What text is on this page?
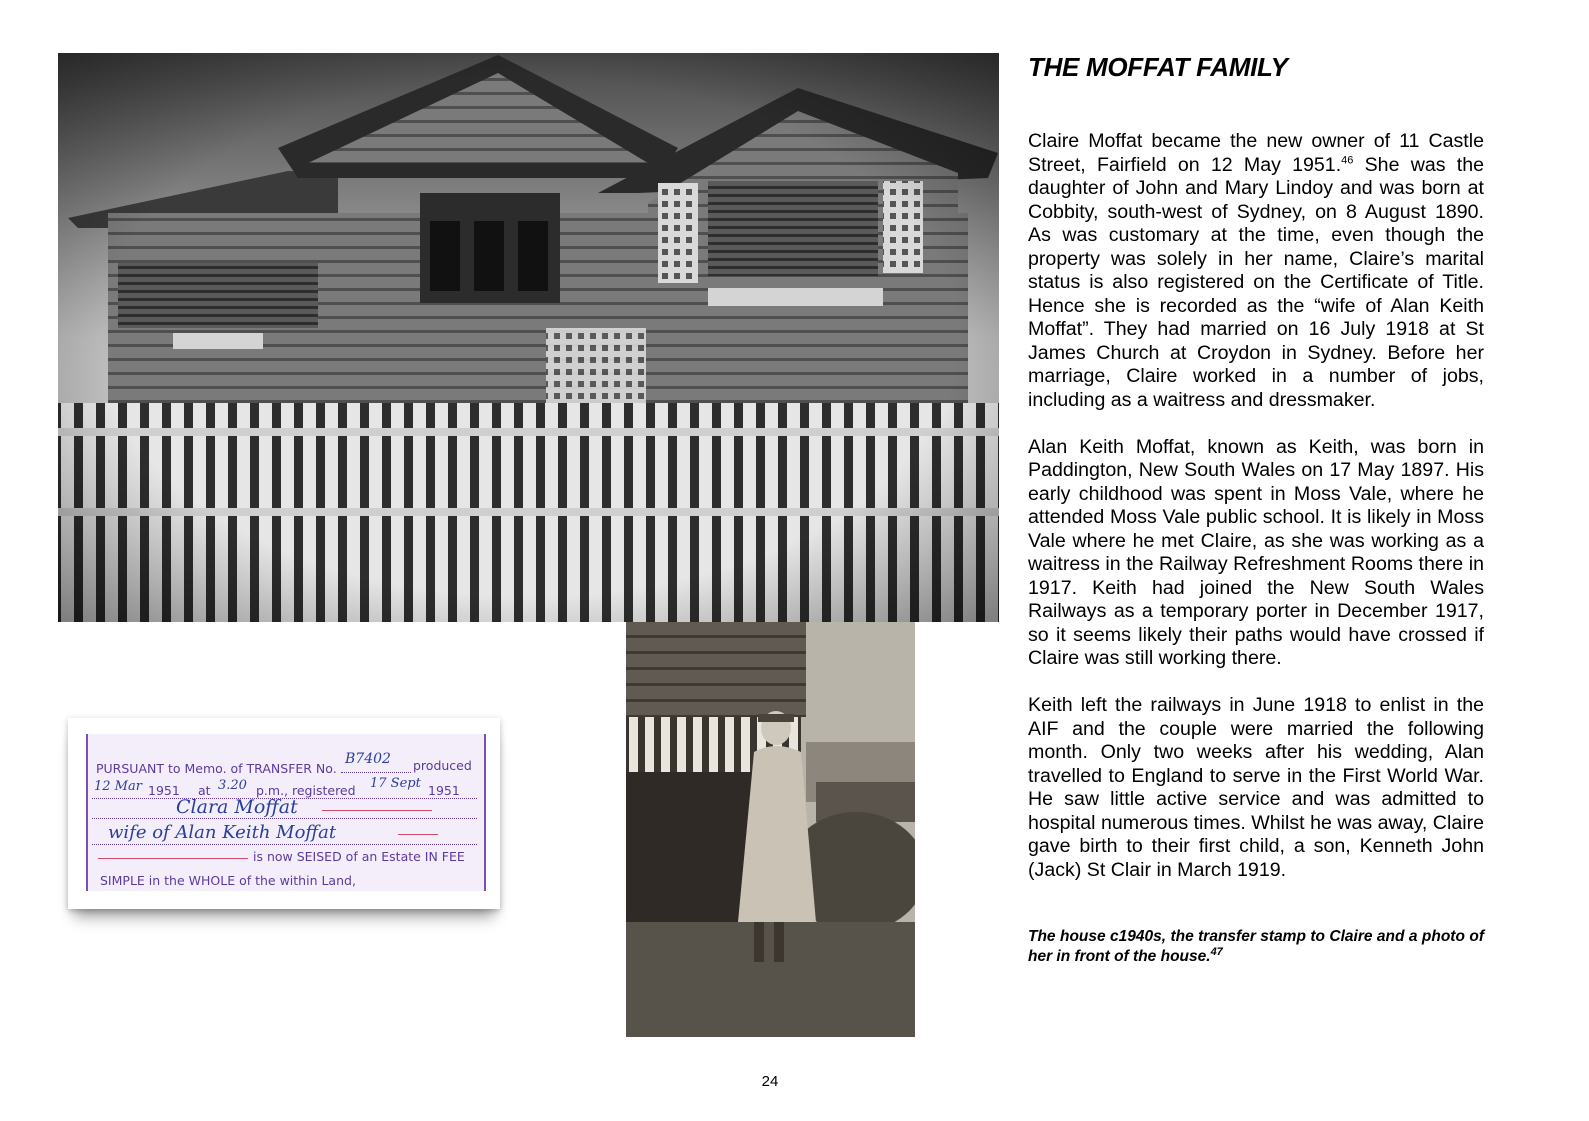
PURSUANT to Memo. of TRANSFER No.
B7402 produced
12 Mar 1951 at 3.20 p.m., registered 17 Sept 1951
Clara Moffat
wife of Alan Keith Moffat
is now SEISED of an Estate IN FEE
SIMPLE in the WHOLE of the within Land,
THE MOFFAT FAMILY

Claire Moffat became the new owner of 11 Castle Street, Fairfield on 12 May 1951.46 She was the daughter of John and Mary Lindoy and was born at Cobbity, south-west of Sydney, on 8 August 1890. As was customary at the time, even though the property was solely in her name, Claire’s marital status is also registered on the Certificate of Title. Hence she is recorded as the “wife of Alan Keith Moffat”. They had married on 16 July 1918 at St James Church at Croydon in Sydney. Before her marriage, Claire worked in a number of jobs, including as a waitress and dressmaker.

Alan Keith Moffat, known as Keith, was born in Paddington, New South Wales on 17 May 1897. His early childhood was spent in Moss Vale, where he attended Moss Vale public school. It is likely in Moss Vale where he met Claire, as she was working as a waitress in the Railway Refreshment Rooms there in 1917. Keith had joined the New South Wales Railways as a temporary porter in December 1917, so it seems likely their paths would have crossed if Claire was still working there.

Keith left the railways in June 1918 to enlist in the AIF and the couple were married the following month. Only two weeks after his wedding, Alan travelled to England to serve in the First World War. He saw little active service and was admitted to hospital numerous times. Whilst he was away, Claire gave birth to their first child, a son, Kenneth John (Jack) St Clair in March 1919.

The house c1940s, the transfer stamp to Claire and a photo of her in front of the house.$^{47}$

24
